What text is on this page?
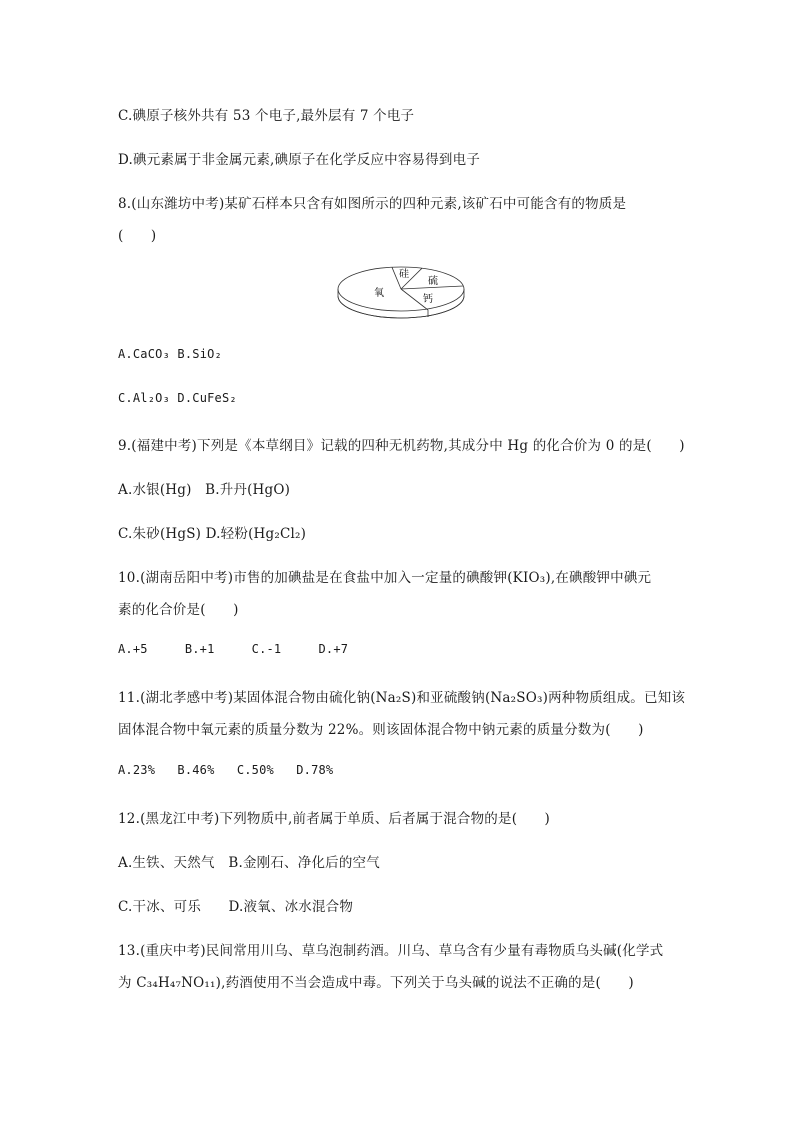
C.碘原子核外共有 53 个电子,最外层有 7 个电子
D.碘元素属于非金属元素,碘原子在化学反应中容易得到电子
8.(山东潍坊中考)某矿石样本只含有如图所示的四种元素,该矿石中可能含有的物质是
(　　)
氧
硅
硫
钙
A.CaCO₃ B.SiO₂
C.Al₂O₃ D.CuFeS₂
9.(福建中考)下列是《本草纲目》记载的四种无机药物,其成分中 Hg 的化合价为 0 的是(　　)
A.水银(Hg) B.升丹(HgO)
C.朱砂(HgS) D.轻粉(Hg₂Cl₂)
10.(湖南岳阳中考)市售的加碘盐是在食盐中加入一定量的碘酸钾(KIO₃),在碘酸钾中碘元
素的化合价是(　　)
A.+5	B.+1	C.-1	D.+7
11.(湖北孝感中考)某固体混合物由硫化钠(Na₂S)和亚硫酸钠(Na₂SO₃)两种物质组成。已知该
固体混合物中氧元素的质量分数为 22%。则该固体混合物中钠元素的质量分数为(　　)
A.23% B.46% C.50% D.78%
12.(黑龙江中考)下列物质中,前者属于单质、后者属于混合物的是(　　)
A.生铁、天然气　B.金刚石、净化后的空气
C.干冰、可乐　　D.液氧、冰水混合物
13.(重庆中考)民间常用川乌、草乌泡制药酒。川乌、草乌含有少量有毒物质乌头碱(化学式
为 C₃₄H₄₇NO₁₁),药酒使用不当会造成中毒。下列关于乌头碱的说法不正确的是(　　)
